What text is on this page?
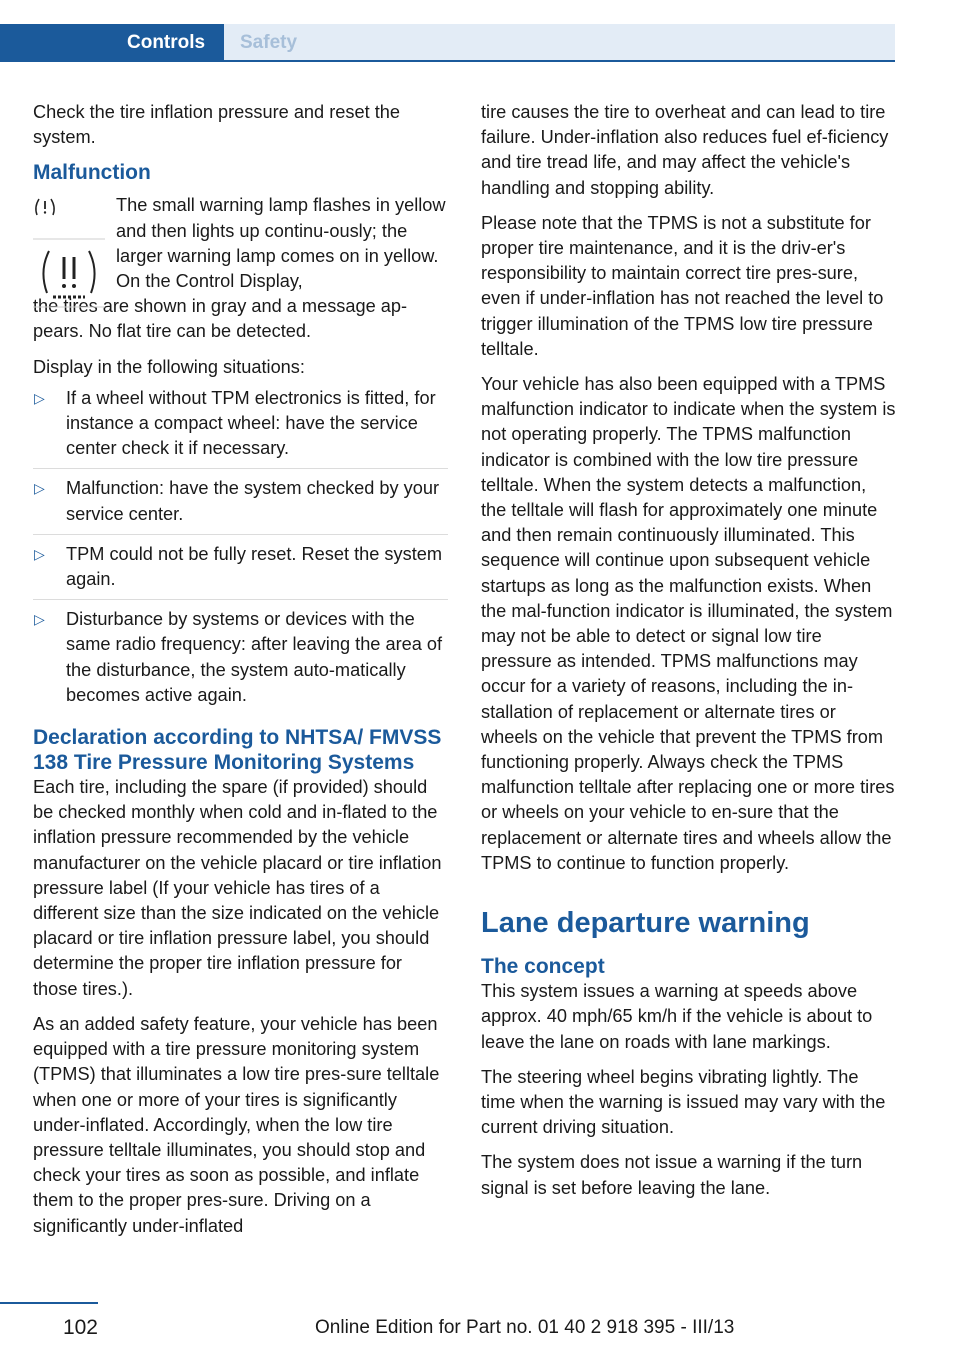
Controls	Safety

Check the tire inflation pressure and reset the system.

Malfunction

The small warning lamp flashes in yellow and then lights up continu‐ously; the larger warning lamp comes on in yellow. On the Control Display,

the tires are shown in gray and a message ap‐pears. No flat tire can be detected.

Display in the following situations:

▷ If a wheel without TPM electronics is fitted, for instance a compact wheel: have the service center check it if necessary.
▷ Malfunction: have the system checked by your service center.
▷ TPM could not be fully reset. Reset the system again.
▷ Disturbance by systems or devices with the same radio frequency: after leaving the area of the disturbance, the system auto‐matically becomes active again.
Declaration according to NHTSA/ FMVSS 138 Tire Pressure Monitoring Systems

Each tire, including the spare (if provided) should be checked monthly when cold and in‐flated to the inflation pressure recommended by the vehicle manufacturer on the vehicle placard or tire inflation pressure label (If your vehicle has tires of a different size than the size indicated on the vehicle placard or tire inflation pressure label, you should determine the proper tire inflation pressure for those tires.).

As an added safety feature, your vehicle has been equipped with a tire pressure monitoring system (TPMS) that illuminates a low tire pres‐sure telltale when one or more of your tires is significantly under-inflated. Accordingly, when the low tire pressure telltale illuminates, you should stop and check your tires as soon as possible, and inflate them to the proper pres‐sure. Driving on a significantly under-inflated

tire causes the tire to overheat and can lead to tire failure. Under-inflation also reduces fuel ef‐ficiency and tire tread life, and may affect the vehicle's handling and stopping ability.

Please note that the TPMS is not a substitute for proper tire maintenance, and it is the driv‐er's responsibility to maintain correct tire pres‐sure, even if under-inflation has not reached the level to trigger illumination of the TPMS low tire pressure telltale.

Your vehicle has also been equipped with a TPMS malfunction indicator to indicate when the system is not operating properly. The TPMS malfunction indicator is combined with the low tire pressure telltale. When the system detects a malfunction, the telltale will flash for approximately one minute and then remain continuously illuminated. This sequence will continue upon subsequent vehicle startups as long as the malfunction exists. When the mal‐function indicator is illuminated, the system may not be able to detect or signal low tire pressure as intended. TPMS malfunctions may occur for a variety of reasons, including the in‐stallation of replacement or alternate tires or wheels on the vehicle that prevent the TPMS from functioning properly. Always check the TPMS malfunction telltale after replacing one or more tires or wheels on your vehicle to en‐sure that the replacement or alternate tires and wheels allow the TPMS to continue to function properly.

Lane departure warning
The concept

This system issues a warning at speeds above approx. 40 mph/65 km/h if the vehicle is about to leave the lane on roads with lane markings.

The steering wheel begins vibrating lightly. The time when the warning is issued may vary with the current driving situation.

The system does not issue a warning if the turn signal is set before leaving the lane.

102	Online Edition for Part no. 01 40 2 918 395 - III/13
